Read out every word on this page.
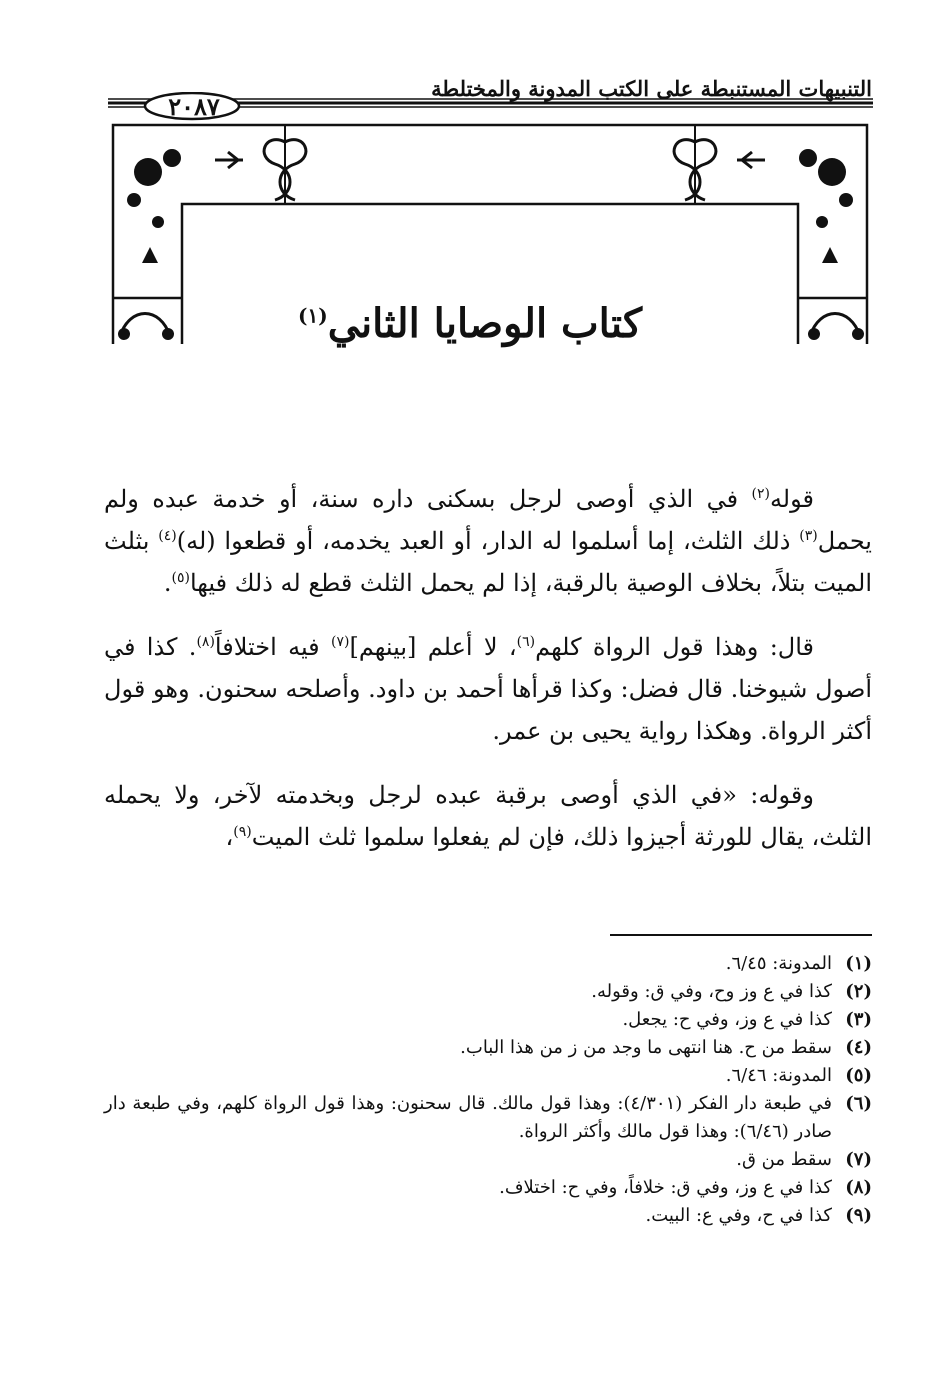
التنبيهات المستنبطة على الكتب المدونة والمختلطة
٢٠٨٧
كتاب الوصايا الثاني$^{(١)}$

قوله$^{(٢)}$ في الذي أوصى لرجل بسكنى داره سنة، أو خدمة عبده ولم يحمل$^{(٣)}$ ذلك الثلث، إما أسلموا له الدار، أو العبد يخدمه، أو قطعوا (له)$^{(٤)}$ بثلث الميت بتلاً، بخلاف الوصية بالرقبة، إذا لم يحمل الثلث قطع له ذلك فيها$^{(٥)}$.

قال: وهذا قول الرواة كلهم$^{(٦)}$، لا أعلم [بينهم]$^{(٧)}$ فيه اختلافاً$^{(٨)}$. كذا في أصول شيوخنا. قال فضل: وكذا قرأها أحمد بن داود. وأصلحه سحنون. وهو قول أكثر الرواة. وهكذا رواية يحيى بن عمر.

وقوله: «في الذي أوصى برقبة عبده لرجل وبخدمته لآخر، ولا يحمله الثلث، يقال للورثة أجيزوا ذلك، فإن لم يفعلوا سلموا ثلث الميت$^{(٩)}$،

(١)
المدونة: ٦/٤٥.
(٢)
كذا في ع وز وح، وفي ق: وقوله.
(٣)
كذا في ع وز، وفي ح: يجعل.
(٤)
سقط من ح. هنا انتهى ما وجد من ز من هذا الباب.
(٥)
المدونة: ٦/٤٦.
(٦)
في طبعة دار الفكر (٤/٣٠١): وهذا قول مالك. قال سحنون: وهذا قول الرواة كلهم، وفي طبعة دار صادر (٦/٤٦): وهذا قول مالك وأكثر الرواة.
(٧)
سقط من ق.
(٨)
كذا في ع وز، وفي ق: خلافاً، وفي ح: اختلاف.
(٩)
كذا في ح، وفي ع: البيت.
